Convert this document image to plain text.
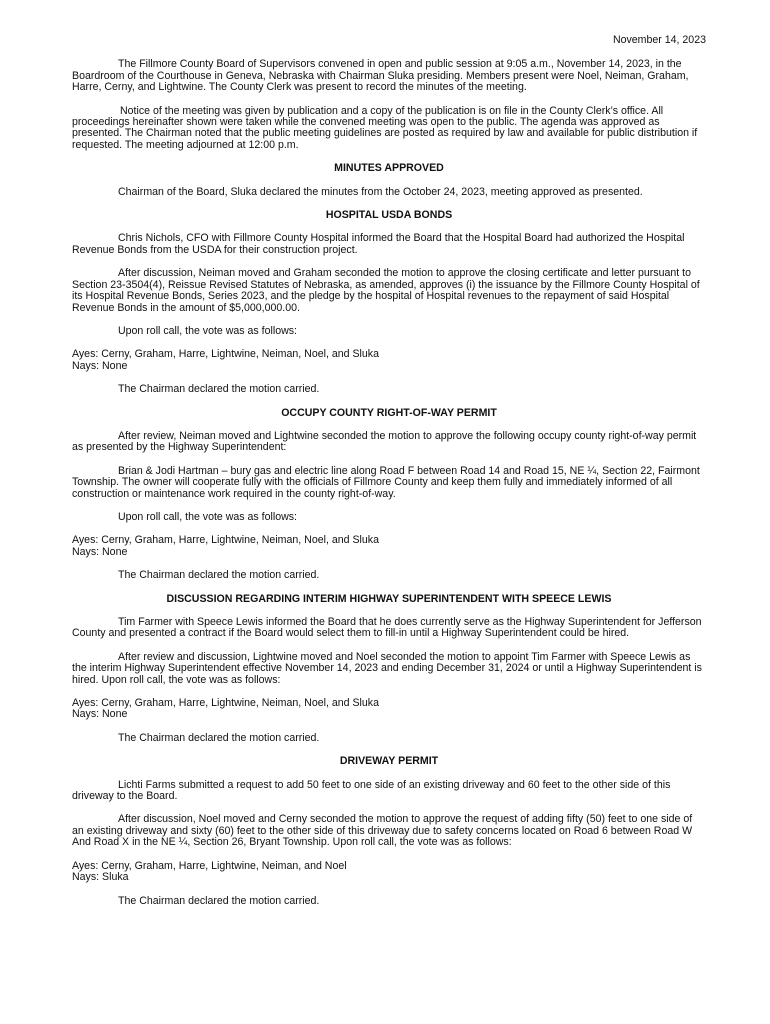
November 14, 2023

The Fillmore County Board of Supervisors convened in open and public session at 9:05 a.m., November 14, 2023, in the Boardroom of the Courthouse in Geneva, Nebraska with Chairman Sluka presiding. Members present were Noel, Neiman, Graham, Harre, Cerny, and Lightwine. The County Clerk was present to record the minutes of the meeting.

Notice of the meeting was given by publication and a copy of the publication is on file in the County Clerk’s office. All proceedings hereinafter shown were taken while the convened meeting was open to the public. The agenda was approved as presented. The Chairman noted that the public meeting guidelines are posted as required by law and available for public distribution if requested. The meeting adjourned at 12:00 p.m.

MINUTES APPROVED

Chairman of the Board, Sluka declared the minutes from the October 24, 2023, meeting approved as presented.

HOSPITAL USDA BONDS

Chris Nichols, CFO with Fillmore County Hospital informed the Board that the Hospital Board had authorized the Hospital Revenue Bonds from the USDA for their construction project.

After discussion, Neiman moved and Graham seconded the motion to approve the closing certificate and letter pursuant to Section 23-3504(4), Reissue Revised Statutes of Nebraska, as amended, approves (i) the issuance by the Fillmore County Hospital of its Hospital Revenue Bonds, Series 2023, and the pledge by the hospital of Hospital revenues to the repayment of said Hospital Revenue Bonds in the amount of $5,000,000.00.

Upon roll call, the vote was as follows:

Ayes: Cerny, Graham, Harre, Lightwine, Neiman, Noel, and Sluka
Nays: None

The Chairman declared the motion carried.

OCCUPY COUNTY RIGHT-OF-WAY PERMIT

After review, Neiman moved and Lightwine seconded the motion to approve the following occupy county right-of-way permit as presented by the Highway Superintendent:

Brian & Jodi Hartman – bury gas and electric line along Road F between Road 14 and Road 15, NE ¼, Section 22, Fairmont Township. The owner will cooperate fully with the officials of Fillmore County and keep them fully and immediately informed of all construction or maintenance work required in the county right-of-way.

Upon roll call, the vote was as follows:

Ayes: Cerny, Graham, Harre, Lightwine, Neiman, Noel, and Sluka
Nays: None

The Chairman declared the motion carried.

DISCUSSION REGARDING INTERIM HIGHWAY SUPERINTENDENT WITH SPEECE LEWIS

Tim Farmer with Speece Lewis informed the Board that he does currently serve as the Highway Superintendent for Jefferson County and presented a contract if the Board would select them to fill-in until a Highway Superintendent could be hired.

After review and discussion, Lightwine moved and Noel seconded the motion to appoint Tim Farmer with Speece Lewis as the interim Highway Superintendent effective November 14, 2023 and ending December 31, 2024 or until a Highway Superintendent is hired. Upon roll call, the vote was as follows:

Ayes: Cerny, Graham, Harre, Lightwine, Neiman, Noel, and Sluka
Nays: None

The Chairman declared the motion carried.

DRIVEWAY PERMIT

Lichti Farms submitted a request to add 50 feet to one side of an existing driveway and 60 feet to the other side of this driveway to the Board.

After discussion, Noel moved and Cerny seconded the motion to approve the request of adding fifty (50) feet to one side of an existing driveway and sixty (60) feet to the other side of this driveway due to safety concerns located on Road 6 between Road W And Road X in the NE ¼, Section 26, Bryant Township. Upon roll call, the vote was as follows:

Ayes: Cerny, Graham, Harre, Lightwine, Neiman, and Noel
Nays: Sluka

The Chairman declared the motion carried.
